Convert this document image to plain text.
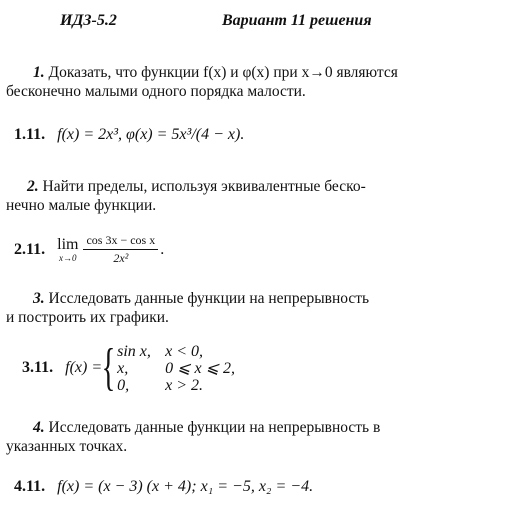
ИДЗ-5.2	Вариант 11 решения
1. Доказать, что функции f(x) и φ(x) при x→0 являются
бесконечно малыми одного порядка малости.
1.11. f(x) = 2x³, φ(x) = 5x³/(4 − x).
2. Найти пределы, используя эквивалентные беско-
нечно малые функции.
2.11. lim
$x\to 0 \frac{\text{cos 3x − cos x}}{\text{2x²}}$ .
3. Исследовать данные функции на непрерывность
и построить их графики.
3.11. f(x) = { sin x, x < 0,
x,	0 ⩽ x ⩽ 2,
0,	x > 2.
4. Исследовать данные функции на непрерывность в
указанных точках.
4.11. f(x) = (x − 3) (x + 4); x₁ = −5, x₂ = −4.
